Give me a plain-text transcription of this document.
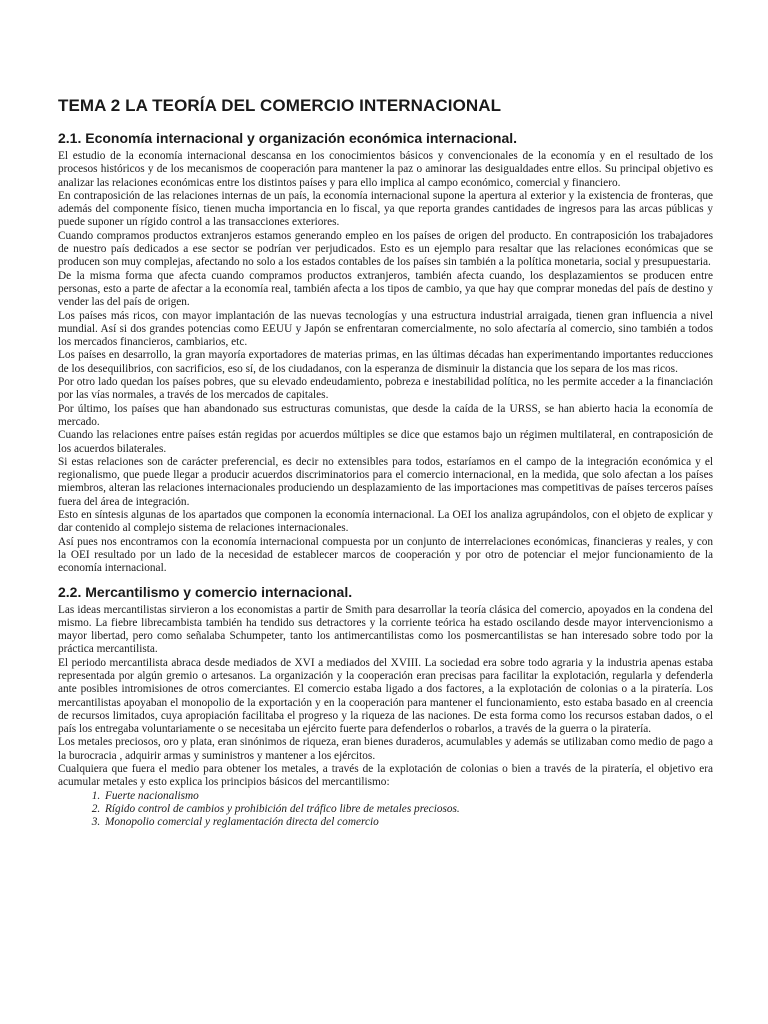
TEMA 2 LA TEORÍA DEL COMERCIO INTERNACIONAL
2.1. Economía internacional y organización económica internacional.

El estudio de la economía internacional descansa en los conocimientos básicos y convencionales de la economía y en el resultado de los procesos históricos y de los mecanismos de cooperación para mantener la paz o aminorar las desigualdades entre ellos. Su principal objetivo es analizar las relaciones económicas entre los distintos países y para ello implica al campo económico, comercial y financiero.

En contraposición de las relaciones internas de un país, la economía internacional supone la apertura al exterior y la existencia de fronteras, que además del componente físico, tienen mucha importancia en lo fiscal, ya que reporta grandes cantidades de ingresos para las arcas públicas y puede suponer un rígido control a las transacciones exteriores.

Cuando compramos productos extranjeros estamos generando empleo en los países de origen del producto. En contraposición los trabajadores de nuestro país dedicados a ese sector se podrían ver perjudicados. Esto es un ejemplo para resaltar que las relaciones económicas que se producen son muy complejas, afectando no solo a los estados contables de los países sin también a la política monetaria, social y presupuestaria.

De la misma forma que afecta cuando compramos productos extranjeros, también afecta cuando, los desplazamientos se producen entre personas, esto a parte de afectar a la economía real, también afecta a los tipos de cambio, ya que hay que comprar monedas del país de destino y vender las del país de origen.

Los países más ricos, con mayor implantación de las nuevas tecnologías y una estructura industrial arraigada, tienen gran influencia a nivel mundial. Así si dos grandes potencias como EEUU y Japón se enfrentaran comercialmente, no solo afectaría al comercio, sino también a todos los mercados financieros, cambiarios, etc.

Los países en desarrollo, la gran mayoría exportadores de materias primas, en las últimas décadas han experimentando importantes reducciones de los desequilibrios, con sacrificios, eso sí, de los ciudadanos, con la esperanza de disminuir la distancia que los separa de los mas ricos.

Por otro lado quedan los países pobres, que su elevado endeudamiento, pobreza e inestabilidad política, no les permite acceder a la financiación por las vías normales, a través de los mercados de capitales.

Por último, los países que han abandonado sus estructuras comunistas, que desde la caída de la URSS, se han abierto hacia la economía de mercado.

Cuando las relaciones entre países están regidas por acuerdos múltiples se dice que estamos bajo un régimen multilateral, en contraposición de los acuerdos bilaterales.

Si estas relaciones son de carácter preferencial, es decir no extensibles para todos, estaríamos en el campo de la integración económica y el regionalismo, que puede llegar a producir acuerdos discriminatorios para el comercio internacional, en la medida, que solo afectan a los países miembros, alteran las relaciones internacionales produciendo un desplazamiento de las importaciones mas competitivas de países terceros países fuera del área de integración.

Esto en síntesis algunas de los apartados que componen la economía internacional. La OEI los analiza agrupándolos, con el objeto de explicar y dar contenido al complejo sistema de relaciones internacionales.

Así pues nos encontramos con la economía internacional compuesta por un conjunto de interrelaciones económicas, financieras y reales, y con la OEI resultado por un lado de la necesidad de establecer marcos de cooperación y por otro de potenciar el mejor funcionamiento de la economía internacional.

2.2. Mercantilismo y comercio internacional.

Las ideas mercantilistas sirvieron a los economistas a partir de Smith para desarrollar la teoría clásica del comercio, apoyados en la condena del mismo. La fiebre librecambista también ha tendido sus detractores y la corriente teórica ha estado oscilando desde mayor intervencionismo a mayor libertad, pero como señalaba Schumpeter, tanto los antimercantilistas como los posmercantilistas se han interesado sobre todo por la práctica mercantilista.

El periodo mercantilista abraca desde mediados de XVI a mediados del XVIII. La sociedad era sobre todo agraria y la industria apenas estaba representada por algún gremio o artesanos. La organización y la cooperación eran precisas para facilitar la explotación, regularla y defenderla ante posibles intromisiones de otros comerciantes. El comercio estaba ligado a dos factores, a la explotación de colonias o a la piratería. Los mercantilistas apoyaban el monopolio de la exportación y en la cooperación para mantener el funcionamiento, esto estaba basado en al creencia de recursos limitados, cuya apropiación facilitaba el progreso y la riqueza de las naciones. De esta forma como los recursos estaban dados, o el país los entregaba voluntariamente o se necesitaba un ejército fuerte para defenderlos o robarlos, a través de la guerra o la piratería.

Los metales preciosos, oro y plata, eran sinónimos de riqueza, eran bienes duraderos, acumulables y además se utilizaban como medio de pago a la burocracia , adquirir armas y suministros y mantener a los ejércitos.

Cualquiera que fuera el medio para obtener los metales, a través de la explotación de colonias o bien a través de la piratería, el objetivo era acumular metales y esto explica los principios básicos del mercantilismo:

1. Fuerte nacionalismo
2. Rígido control de cambios y prohibición del tráfico libre de metales preciosos.
3. Monopolio comercial y reglamentación directa del comercio
